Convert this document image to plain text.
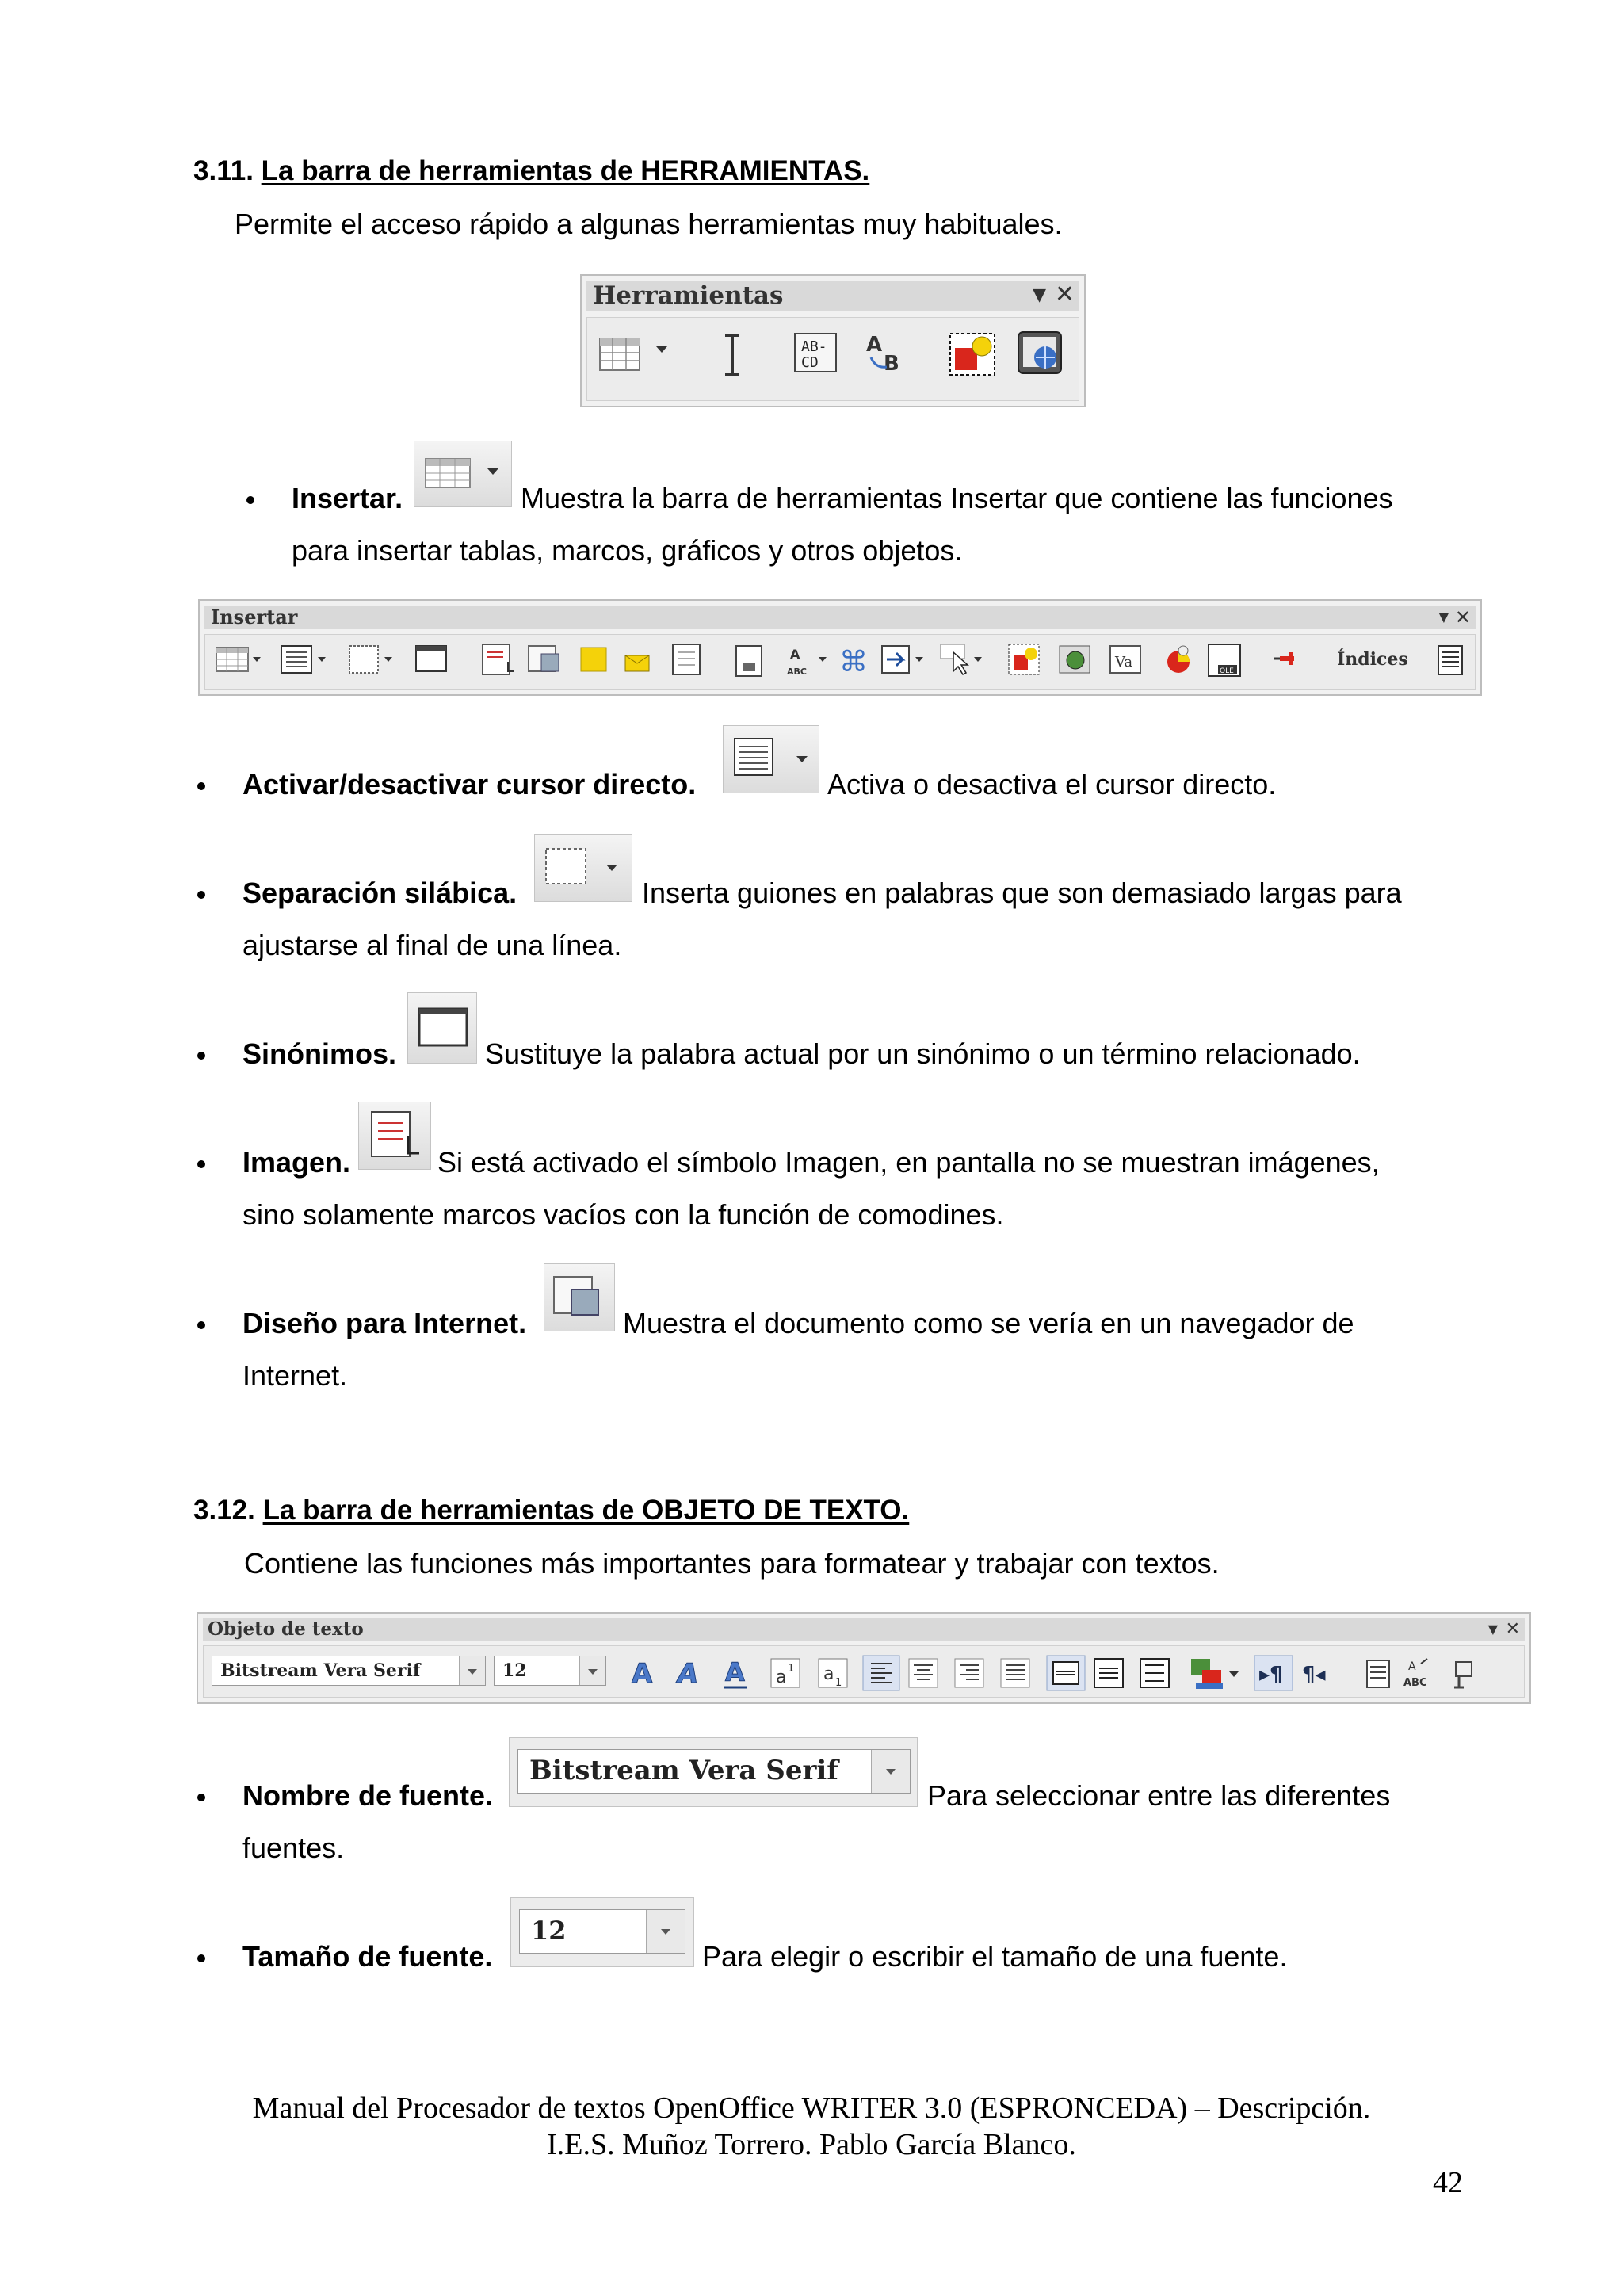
3.11. La barra de herramientas de HERRAMIENTAS.
Permite el acceso rápido a algunas herramientas muy habituales.
Herramientas	▼ ✕
AB-
CD
A
B
Insertar.	Muestra la barra de herramientas Insertar que contiene las funciones
para insertar tablas, marcos, gráficos y otros objetos.
Insertar	▼ ✕
A
ABC ⌘	Va
OLE
Índices
Activar/desactivar cursor directo.	Activa o desactiva el cursor directo.
Separación silábica.	Inserta guiones en palabras que son demasiado largas para
ajustarse al final de una línea.
Sinónimos.	Sustituye la palabra actual por un sinónimo o un término relacionado.
Imagen.	Si está activado el símbolo Imagen, en pantalla no se muestran imágenes,
sino solamente marcos vacíos con la función de comodines.
Diseño para Internet.	Muestra el documento como se vería en un navegador de
Internet.
3.12. La barra de herramientas de OBJETO DE TEXTO.
Contiene las funciones más importantes para formatear y trabajar con textos.
Objeto de texto	▼ ✕
Bitstream Vera Serif	12	A A A a 1 a 1	▸¶ ¶◂	A
ABC
Nombre de fuente.
Bitstream Vera Serif
Para seleccionar entre las diferentes
fuentes.
Tamaño de fuente.
12
Para elegir o escribir el tamaño de una fuente.
Manual del Procesador de textos OpenOffice WRITER 3.0 (ESPRONCEDA) – Descripción.
I.E.S. Muñoz Torrero. Pablo García Blanco.
42
